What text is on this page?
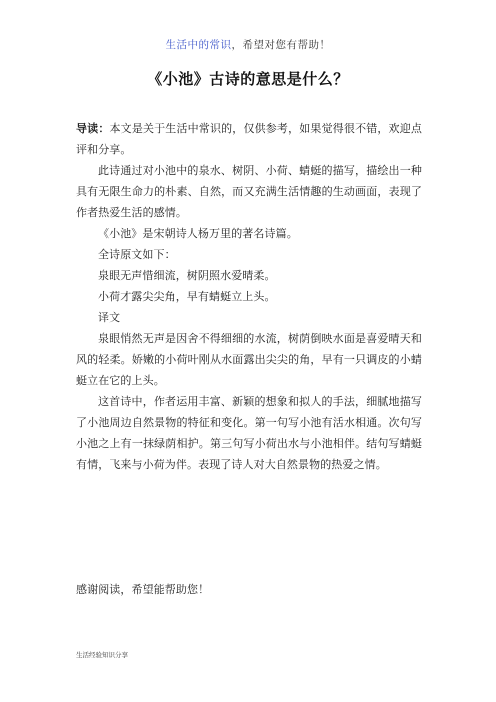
生活中的常识，希望对您有帮助！
《小池》古诗的意思是什么？

导读：本文是关于生活中常识的，仅供参考，如果觉得很不错，欢迎点评和分享。

此诗通过对小池中的泉水、树阴、小荷、蜻蜓的描写，描绘出一种具有无限生命力的朴素、自然，而又充满生活情趣的生动画面，表现了作者热爱生活的感情。

《小池》是宋朝诗人杨万里的著名诗篇。

全诗原文如下：

泉眼无声惜细流，树阴照水爱晴柔。

小荷才露尖尖角，早有蜻蜓立上头。

译文

泉眼悄然无声是因舍不得细细的水流，树荫倒映水面是喜爱晴天和风的轻柔。娇嫩的小荷叶刚从水面露出尖尖的角，早有一只调皮的小蜻蜓立在它的上头。

这首诗中，作者运用丰富、新颖的想象和拟人的手法，细腻地描写了小池周边自然景物的特征和变化。第一句写小池有活水相通。次句写小池之上有一抹绿荫相护。第三句写小荷出水与小池相伴。结句写蜻蜓有情，飞来与小荷为伴。表现了诗人对大自然景物的热爱之情。

感谢阅读，希望能帮助您！
生活经验知识分享
